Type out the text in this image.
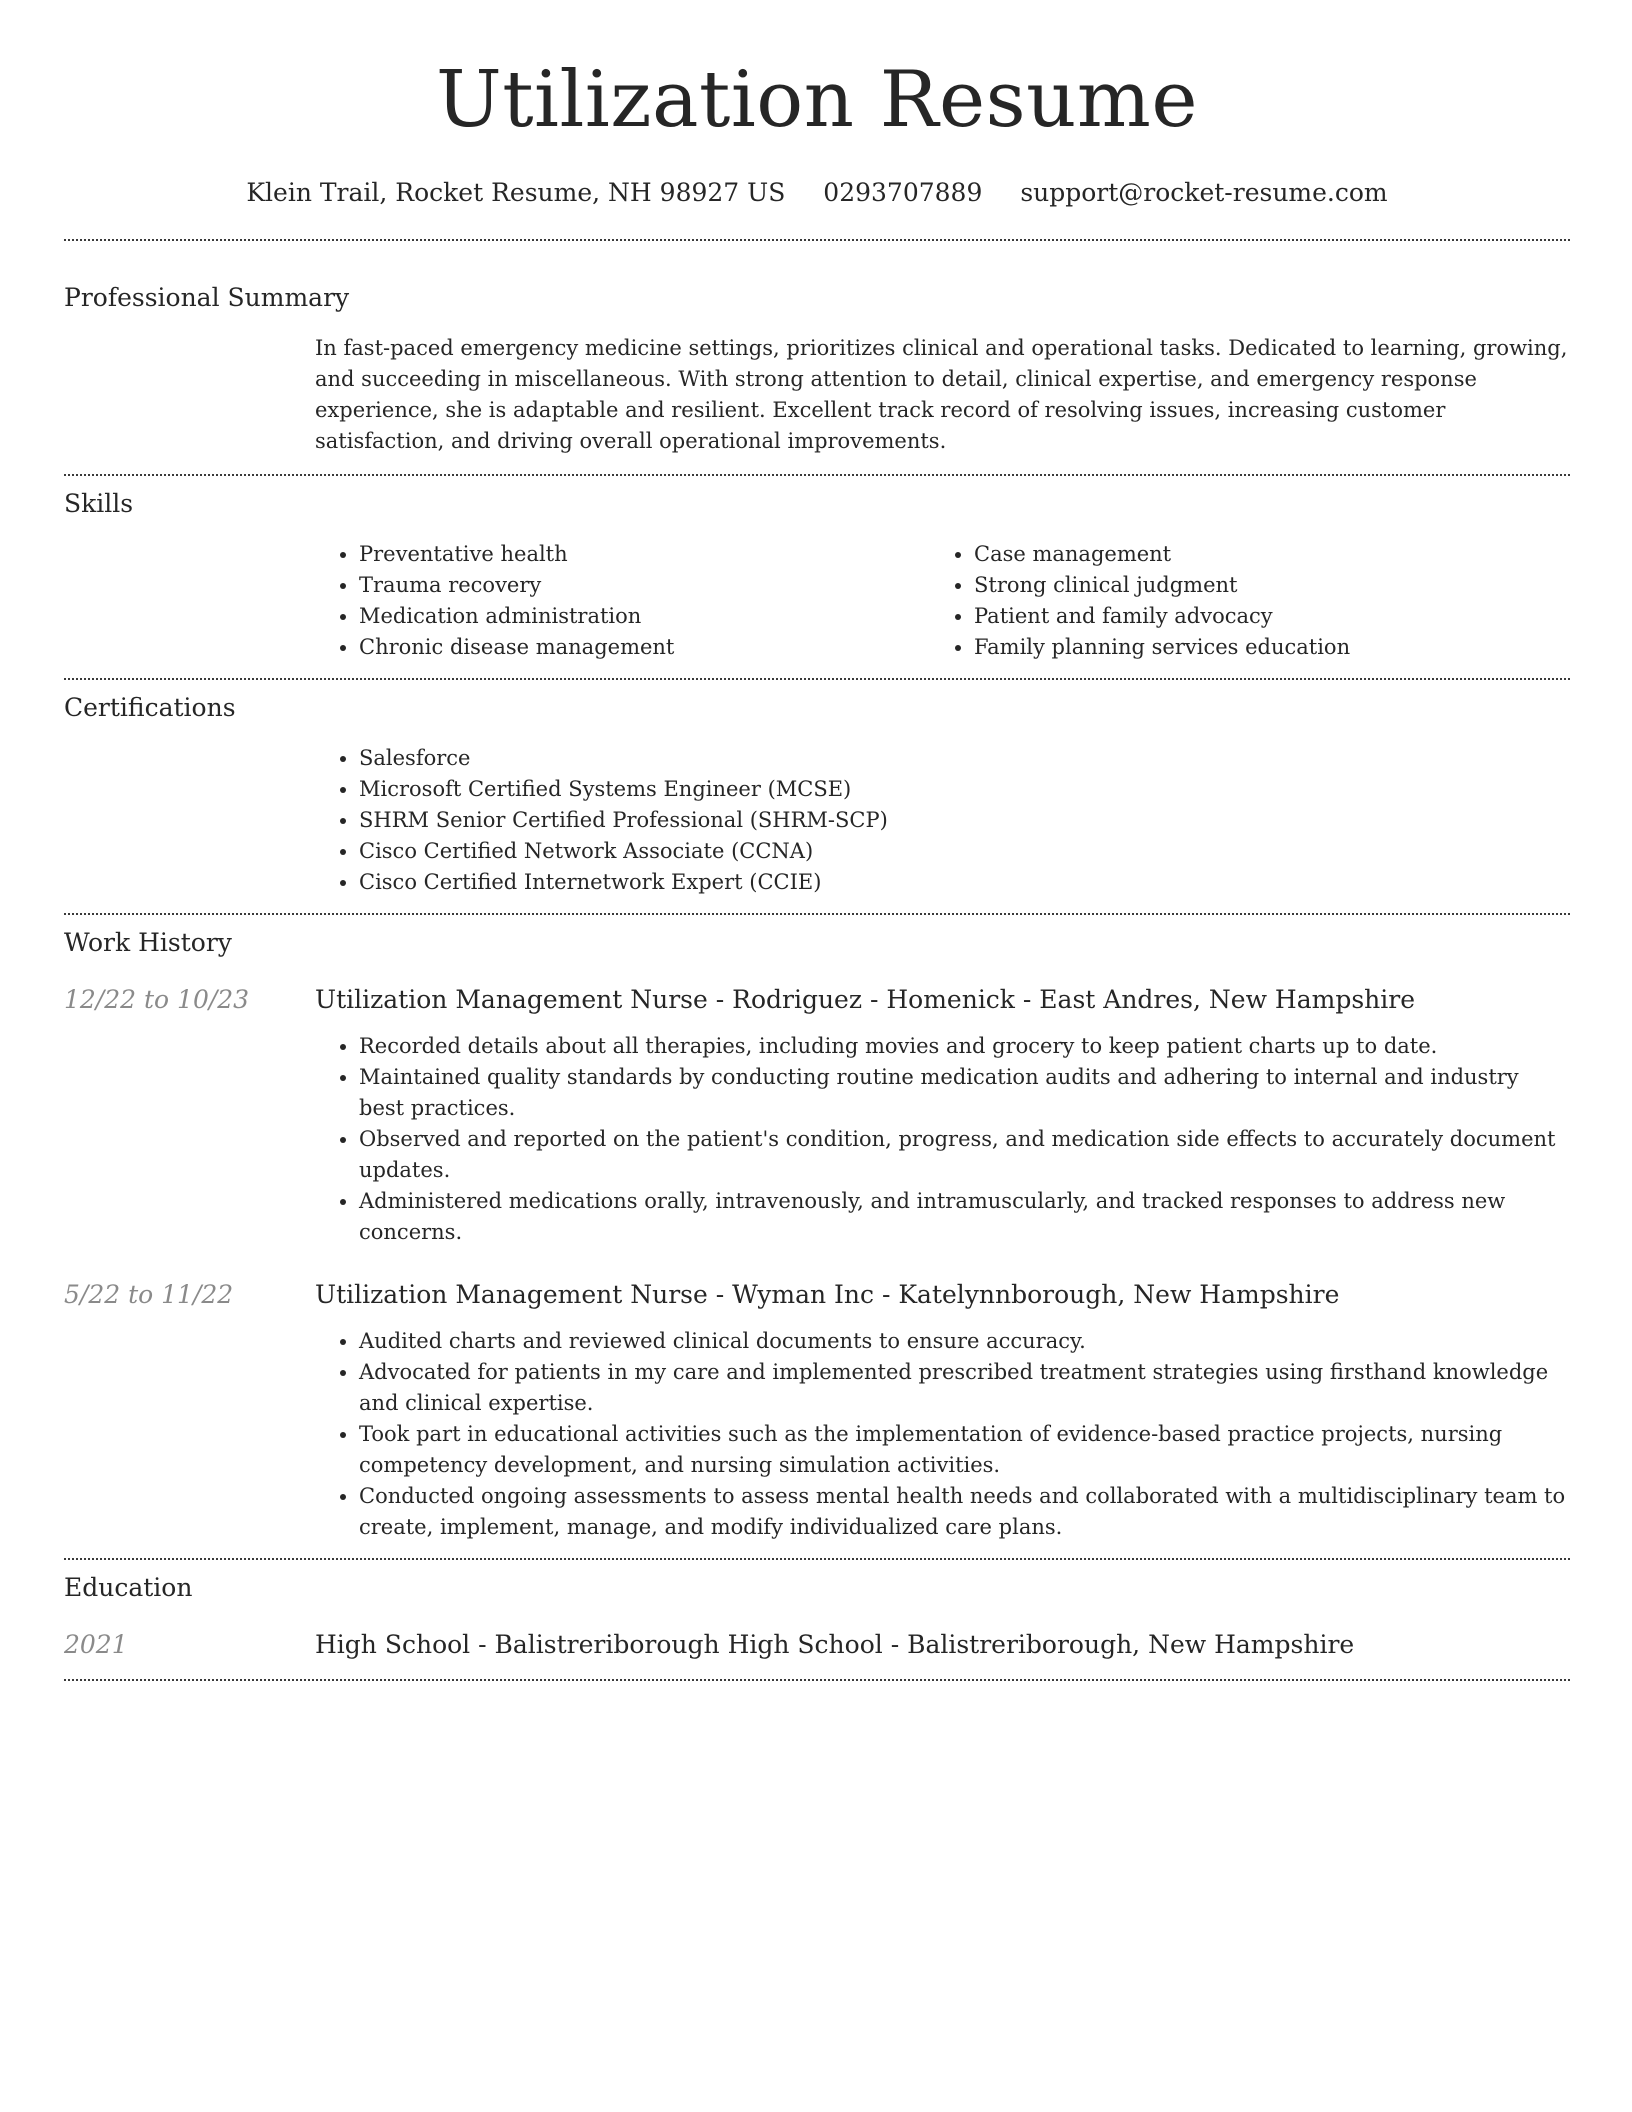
Utilization Resume
Klein Trail, Rocket Resume, NH 98927 US 0293707889 support@rocket-resume.com
Professional Summary

In fast-paced emergency medicine settings, prioritizes clinical and operational tasks. Dedicated to learning, growing, and succeeding in miscellaneous. With strong attention to detail, clinical expertise, and emergency response experience, she is adaptable and resilient. Excellent track record of resolving issues, increasing customer satisfaction, and driving overall operational improvements.

Skills
• Preventative health
• Trauma recovery
• Medication administration
• Chronic disease management
• Case management
• Strong clinical judgment
• Patient and family advocacy
• Family planning services education
Certifications
• Salesforce
• Microsoft Certified Systems Engineer (MCSE)
• SHRM Senior Certified Professional (SHRM-SCP)
• Cisco Certified Network Associate (CCNA)
• Cisco Certified Internetwork Expert (CCIE)
Work History
12/22 to 10/23	Utilization Management Nurse - Rodriguez - Homenick - East Andres, New Hampshire
• Recorded details about all therapies, including movies and grocery to keep patient charts up to date.
• Maintained quality standards by conducting routine medication audits and adhering to internal and industry best practices.
• Observed and reported on the patient's condition, progress, and medication side effects to accurately document updates.
• Administered medications orally, intravenously, and intramuscularly, and tracked responses to address new concerns.
5/22 to 11/22	Utilization Management Nurse - Wyman Inc - Katelynnborough, New Hampshire
• Audited charts and reviewed clinical documents to ensure accuracy.
• Advocated for patients in my care and implemented prescribed treatment strategies using firsthand knowledge and clinical expertise.
• Took part in educational activities such as the implementation of evidence-based practice projects, nursing competency development, and nursing simulation activities.
• Conducted ongoing assessments to assess mental health needs and collaborated with a multidisciplinary team to create, implement, manage, and modify individualized care plans.
Education
2021	High School - Balistreriborough High School - Balistreriborough, New Hampshire
